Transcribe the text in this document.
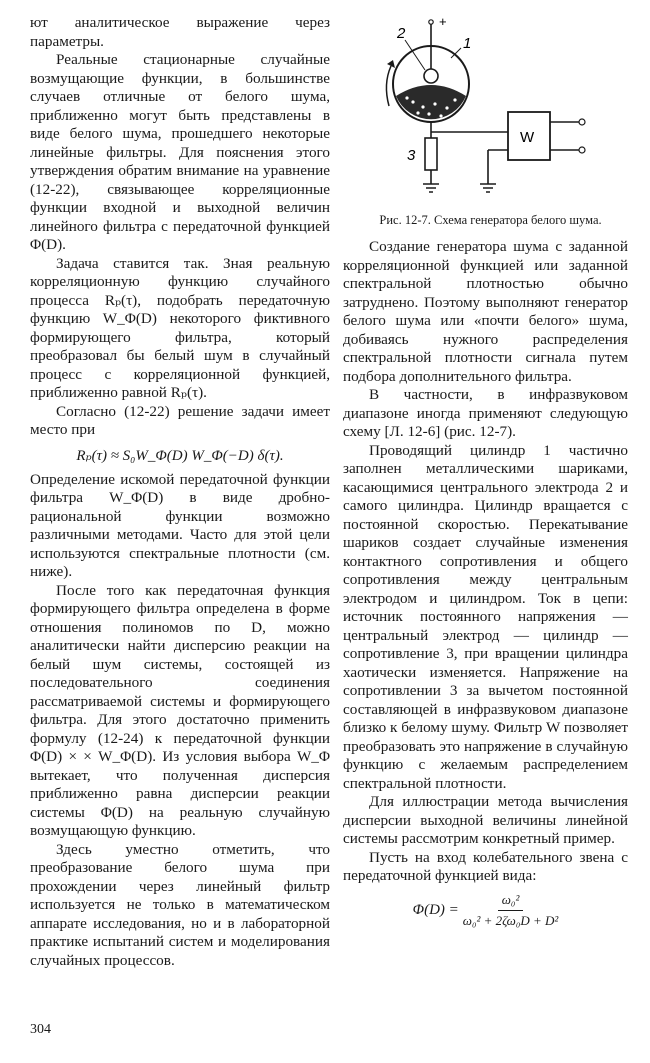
ют аналитическое выражение через параметры.

Реальные стационарные случайные возмущающие функции, в большинстве случаев отличные от белого шума, приближенно могут быть представлены в виде белого шума, прошедшего некоторые линейные фильтры. Для пояснения этого утверждения обратим внимание на уравнение (12-22), связывающее корреляционные функции входной и выходной величин линейного фильтра с передаточной функцией Φ(D).

Задача ставится так. Зная реальную корреляционную функцию случайного процесса Rₚ(τ), подобрать передаточную функцию W_Φ(D) некоторого фиктивного формирующего фильтра, который преобразовал бы белый шум в случайный процесс с корреляционной функцией, приближенно равной Rₚ(τ).

Согласно (12-22) решение задачи имеет место при

Rₚ(τ) ≈ S₀W_Φ(D) W_Φ(−D) δ(τ).

Определение искомой передаточной функции фильтра W_Φ(D) в виде дробно-рациональной функции возможно различными методами. Часто для этой цели используются спектральные плотности (см. ниже).

После того как передаточная функция формирующего фильтра определена в форме отношения полиномов по D, можно аналитически найти дисперсию реакции на белый шум системы, состоящей из последовательного соединения рассматриваемой системы и формирующего фильтра. Для этого достаточно применить формулу (12-24) к передаточной функции Φ(D) × × W_Φ(D). Из условия выбора W_Φ вытекает, что полученная дисперсия приближенно равна дисперсии реакции системы Φ(D) на реальную случайную возмущающую функцию.

Здесь уместно отметить, что преобразование белого шума при прохождении через линейный фильтр используется не только в математическом аппарате исследования, но и в лабораторной практике испытаний систем и моделирования случайных процессов.

+
2
1
3
W
Рис. 12-7. Схема генератора белого шума.

Создание генератора шума с заданной корреляционной функцией или заданной спектральной плотностью обычно затруднено. Поэтому выполняют генератор белого шума или «почти белого» шума, добиваясь нужного распределения спектральной плотности сигнала путем подбора дополнительного фильтра.

В частности, в инфразвуковом диапазоне иногда применяют следующую схему [Л. 12-6] (рис. 12-7).

Проводящий цилиндр 1 частично заполнен металлическими шариками, касающимися центрального электрода 2 и самого цилиндра. Цилиндр вращается с постоянной скоростью. Перекатывание шариков создает случайные изменения контактного сопротивления и общего сопротивления между центральным электродом и цилиндром. Ток в цепи: источник постоянного напряжения — центральный электрод — цилиндр — сопротивление 3, при вращении цилиндра хаотически изменяется. Напряжение на сопротивлении 3 за вычетом постоянной составляющей в инфразвуковом диапазоне близко к белому шуму. Фильтр W позволяет преобразовать это напряжение в случайную функцию с желаемым распределением спектральной плотности.

Для иллюстрации метода вычисления дисперсии выходной величины линейной системы рассмотрим конкретный пример.

Пусть на вход колебательного звена с передаточной функцией вида:

$\Phi(D) = \frac{\text{ω₀²}}{\text{ω₀² + 2ζω₀D + D²}}$
304
